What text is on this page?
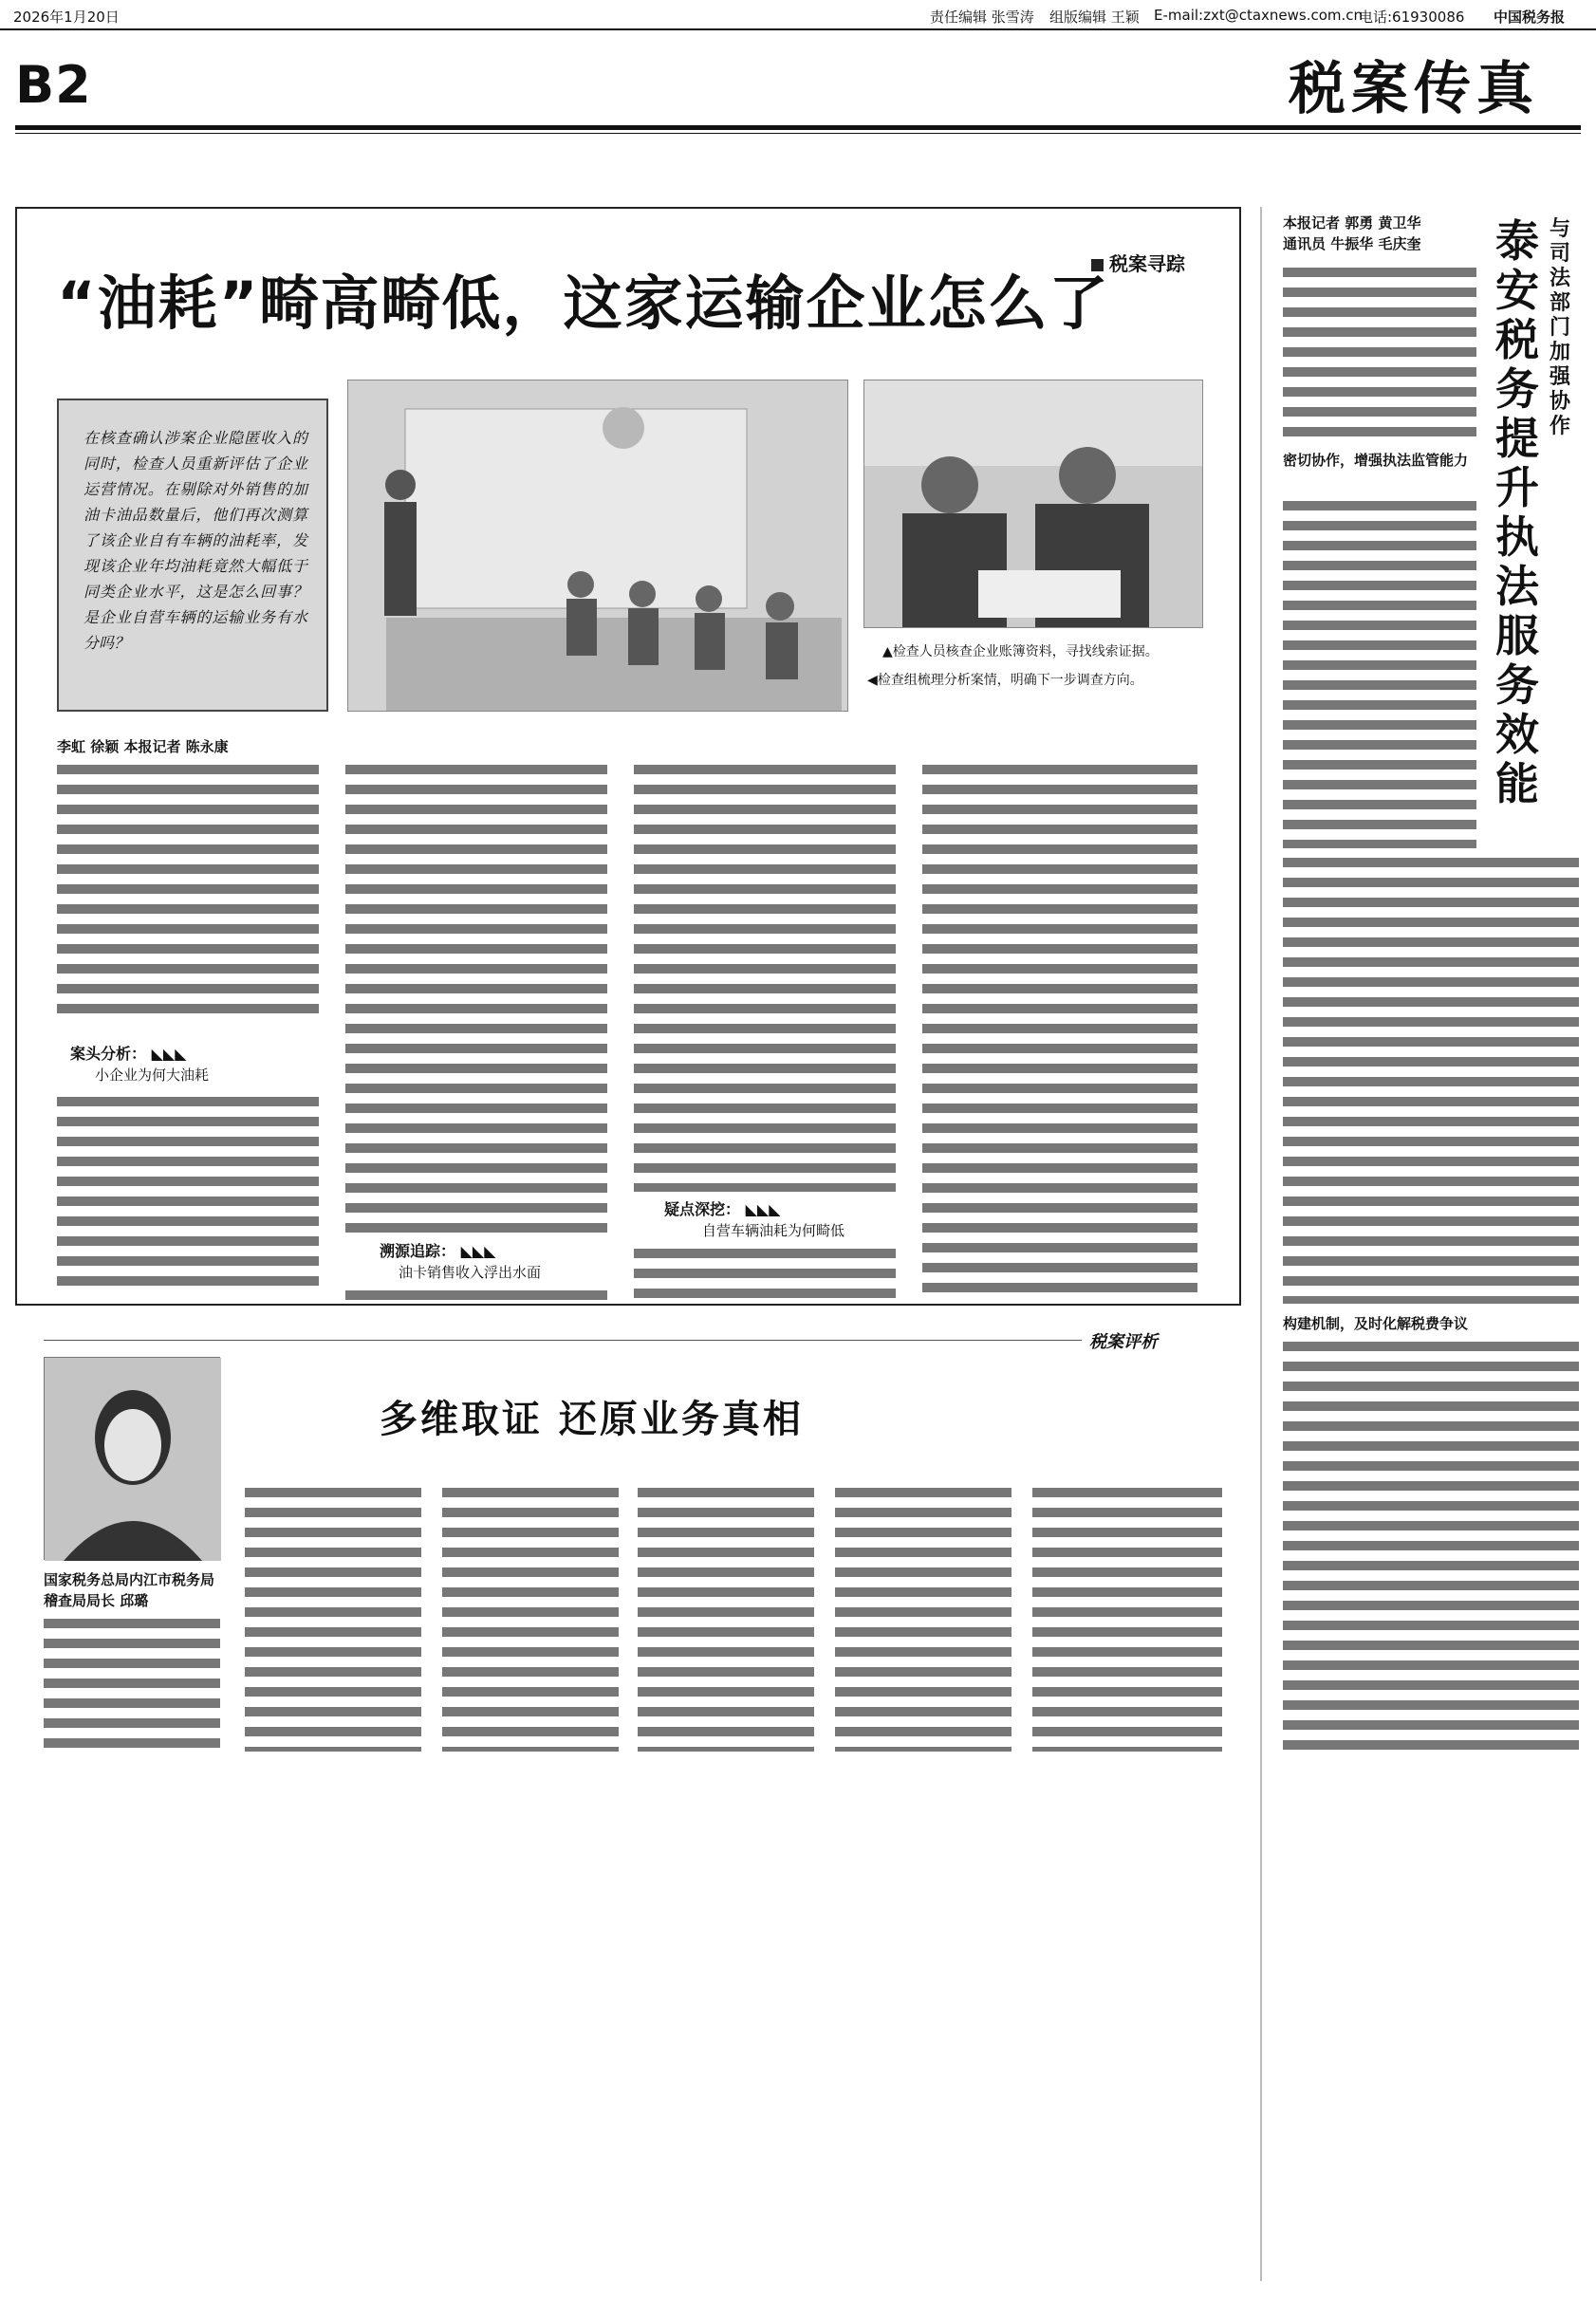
2026年1月20日	责任编辑 张雪涛 组版编辑 王颖 E-mail:zxt@ctaxnews.com.cn
电话:61930086 中国税务报
B2	税案传真
税案寻踪
“油耗”畸高畸低，这家运输企业怎么了
在核查确认涉案企业隐匿收入的同时，检查人员重新评估了企业运营情况。在剔除对外销售的加油卡油品数量后，他们再次测算了该企业自有车辆的油耗率，发现该企业年均油耗竟然大幅低于同类企业水平，这是怎么回事？是企业自营车辆的运输业务有水分吗？	▲检查人员核查企业账簿资料，寻找线索证据。
◀检查组梳理分析案情，明确下一步调查方向。
李虹 徐颖 本报记者 陈永康
案头分析： ◣◣◣
小企业为何大油耗
溯源追踪： ◣◣◣
油卡销售收入浮出水面
疑点深挖： ◣◣◣
自营车辆油耗为何畸低
税案评析
多维取证 还原业务真相
国家税务总局内江市税务局稽查局局长 邱璐
本报记者 郭勇 黄卫华
通讯员 牛振华 毛庆奎
与司法部门加强协作
泰安税务提升执法服务效能
密切协作，增强执法监管能力
构建机制，及时化解税费争议
